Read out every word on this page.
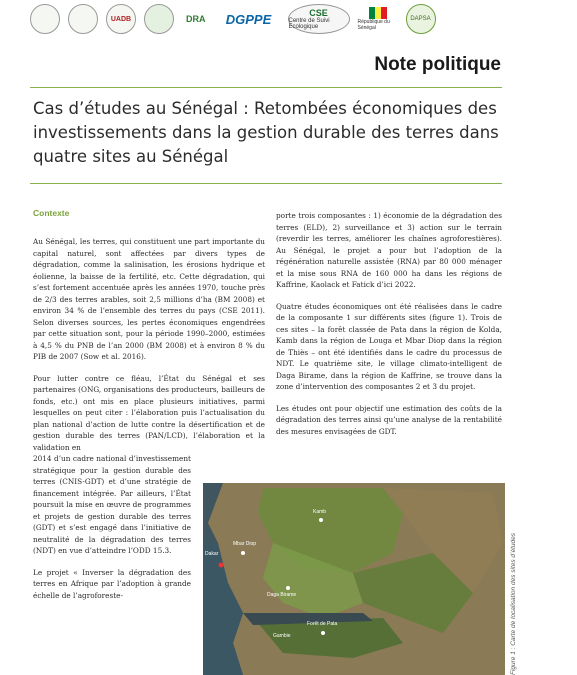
UADB	DRA	DGPPE	CSE
Centre de Suivi Ecologique
République du Sénégal
DAPSA
Note politique
Cas d’études au Sénégal : Retombées économiques des investissements dans la gestion durable des terres dans quatre sites au Sénégal
Contexte

Au Sénégal, les terres, qui constituent une part importante du capital naturel, sont affectées par divers types de dégradation, comme la salinisation, les érosions hydrique et éolienne, la baisse de la fertilité, etc. Cette dégradation, qui s’est fortement accentuée après les années 1970, touche près de 2/3 des terres arables, soit 2,5 millions d’ha (BM 2008) et environ 34 % de l’ensemble des terres du pays (CSE 2011). Selon diverses sources, les pertes économiques engendrées par cette situation sont, pour la période 1990–2000, estimées à 4,5 % du PNB de l’an 2000 (BM 2008) et à environ 8 % du PIB de 2007 (Sow et al. 2016).

Pour lutter contre ce fléau, l’État du Sénégal et ses partenaires (ONG, organisations des producteurs, bailleurs de fonds, etc.) ont mis en place plusieurs initiatives, parmi lesquelles on peut citer : l’élaboration puis l’actualisation du plan national d’action de lutte contre la désertification et de gestion durable des terres (PAN/LCD), l’élaboration et la validation en

2014 d’un cadre national d’investissement stratégique pour la gestion durable des terres (CNIS-GDT) et d’une stratégie de financement intégrée. Par ailleurs, l’État poursuit la mise en œuvre de programmes et projets de gestion durable des terres (GDT) et s’est engagé dans l’initiative de neutralité de la dégradation des terres (NDT) en vue d’atteindre l’ODD 15.3.

Le projet « Inverser la dégradation des terres en Afrique par l’adoption à grande échelle de l’agroforeste-

porte trois composantes : 1) économie de la dégradation des terres (ELD), 2) surveillance et 3) action sur le terrain (reverdir les terres, améliorer les chaînes agroforestières). Au Sénégal, le projet a pour but l’adoption de la régénération naturelle assistée (RNA) par 80 000 ménager et la mise sous RNA de 160 000 ha dans les régions de Kaffrine, Kaolack et Fatick d’ici 2022.

Quatre études économiques ont été réalisées dans le cadre de la composante 1 sur différents sites (figure 1). Trois de ces sites – la forêt classée de Pata dans la région de Kolda, Kamb dans la région de Louga et Mbar Diop dans la région de Thiès – ont été identifiés dans le cadre du processus de NDT. Le quatrième site, le village climato-intelligent de Daga Birame, dans la région de Kaffrine, se trouve dans la zone d’intervention des composantes 2 et 3 du projet.

Les études ont pour objectif une estimation des coûts de la dégradation des terres ainsi qu’une analyse de la rentabilité des mesures envisagées de GDT.

Dakar
Mbar Diop
Kamb
Daga Birame
Forêt de Pata
Gambie	Figure 1 : Carte de localisation des sites d’études
